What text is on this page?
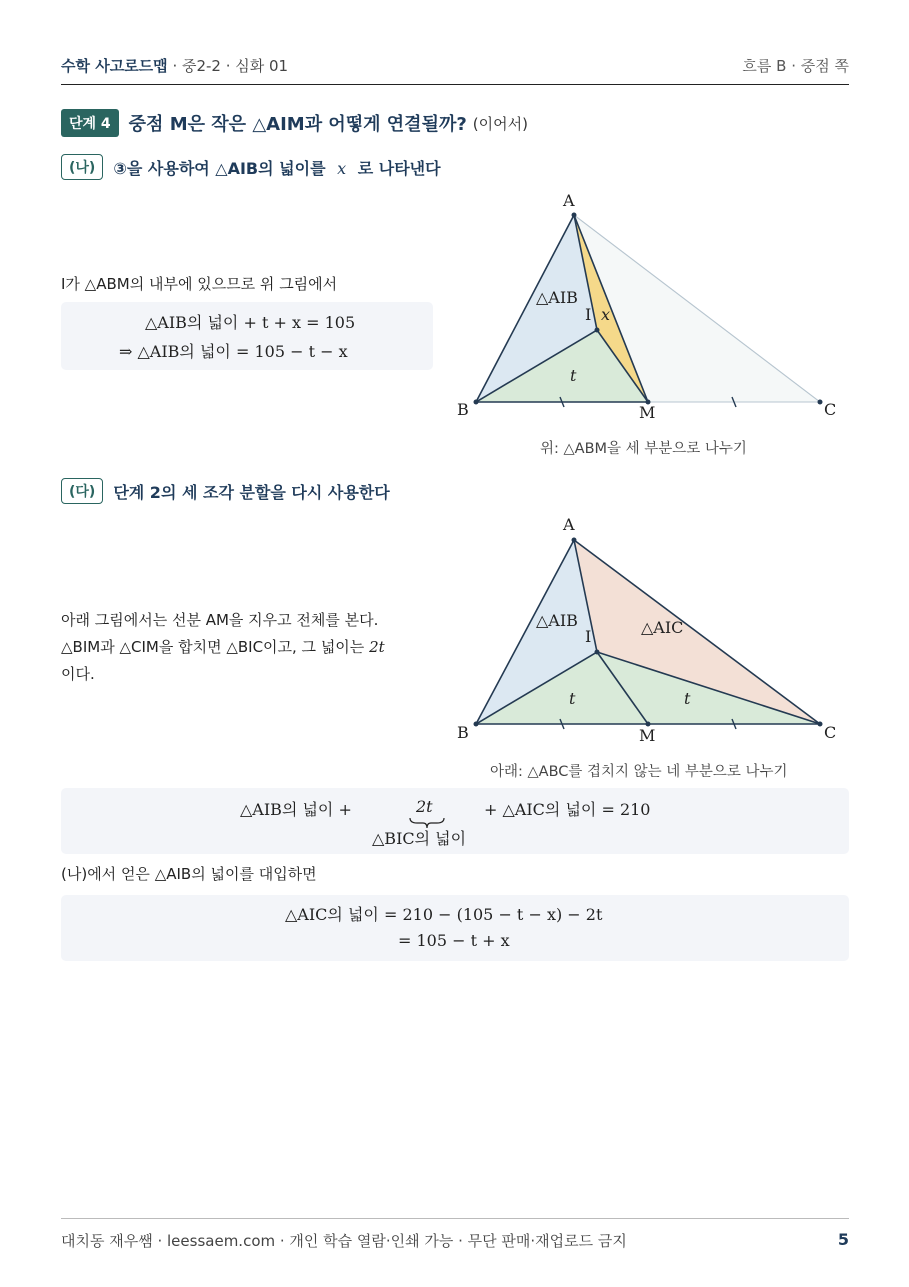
수학 사고로드맵 · 중2-2 · 심화 01	흐름 B · 중점 쪽
단계 4	중점 M은 작은 △AIM과 어떻게 연결될까? (이어서)
(나)	③을 사용하여 △AIB의 넓이를 x 로 나타낸다
I가 △ABM의 내부에 있으므로 위 그림에서
△AIB의 넓이 + t + x = 105
⇒ △AIB의 넓이 = 105 − t − x
A
B	C
M
I
△AIB
x
t
위: △ABM을 세 부분으로 나누기
(다)	단계 2의 세 조각 분할을 다시 사용한다
아래 그림에서는 선분 AM을 지우고 전체를 본다.
△BIM과 △CIM을 합치면 △BIC이고, 그 넓이는 2t
이다.
A
B	C
M
I
△AIB	△AIC
t	t
아래: △ABC를 겹치지 않는 네 부분으로 나누기
△AIB의 넓이 +	2t	+ △AIC의 넓이 = 210
△BIC의 넓이
(나)에서 얻은 △AIB의 넓이를 대입하면
△AIC의 넓이 = 210 − (105 − t − x) − 2t
= 105 − t + x
대치동 재우쌤 · leessaem.com · 개인 학습 열람·인쇄 가능 · 무단 판매·재업로드 금지	5
